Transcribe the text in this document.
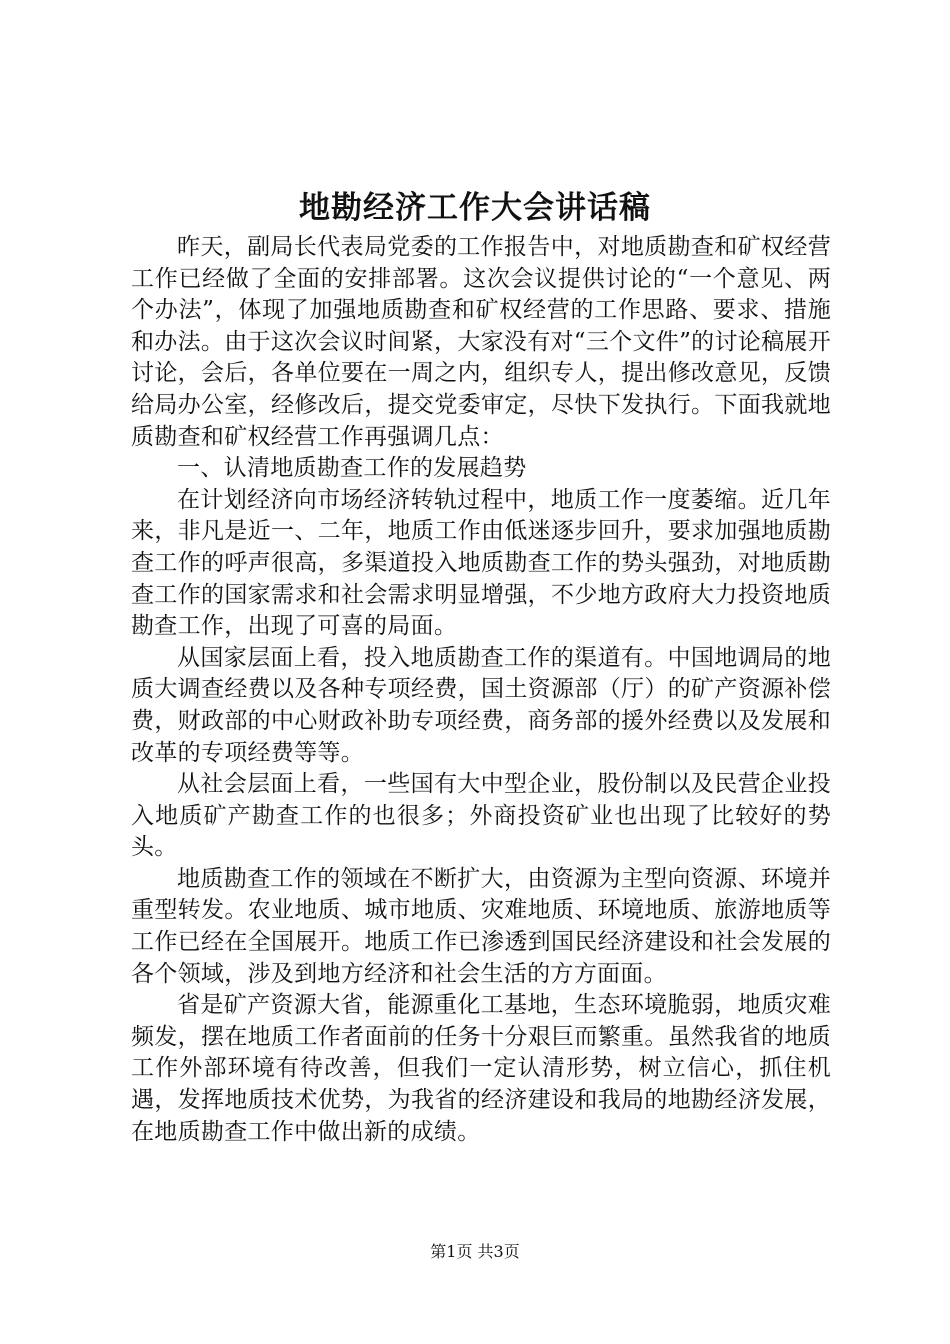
地勘经济工作大会讲话稿

昨天，副局长代表局党委的工作报告中，对地质勘查和矿权经营工作已经做了全面的安排部署。这次会议提供讨论的“一个意见、两个办法”，体现了加强地质勘查和矿权经营的工作思路、要求、措施和办法。由于这次会议时间紧，大家没有对“三个文件”的讨论稿展开讨论，会后，各单位要在一周之内，组织专人，提出修改意见，反馈给局办公室，经修改后，提交党委审定，尽快下发执行。下面我就地质勘查和矿权经营工作再强调几点：

一、认清地质勘查工作的发展趋势

在计划经济向市场经济转轨过程中，地质工作一度萎缩。近几年来，非凡是近一、二年，地质工作由低迷逐步回升，要求加强地质勘查工作的呼声很高，多渠道投入地质勘查工作的势头强劲，对地质勘查工作的国家需求和社会需求明显增强，不少地方政府大力投资地质勘查工作，出现了可喜的局面。

从国家层面上看，投入地质勘查工作的渠道有。中国地调局的地质大调查经费以及各种专项经费，国土资源部（厅）的矿产资源补偿费，财政部的中心财政补助专项经费，商务部的援外经费以及发展和改革的专项经费等等。

从社会层面上看，一些国有大中型企业，股份制以及民营企业投入地质矿产勘查工作的也很多；外商投资矿业也出现了比较好的势头。

地质勘查工作的领域在不断扩大，由资源为主型向资源、环境并重型转发。农业地质、城市地质、灾难地质、环境地质、旅游地质等工作已经在全国展开。地质工作已渗透到国民经济建设和社会发展的各个领域，涉及到地方经济和社会生活的方方面面。

省是矿产资源大省，能源重化工基地，生态环境脆弱，地质灾难频发，摆在地质工作者面前的任务十分艰巨而繁重。虽然我省的地质工作外部环境有待改善，但我们一定认清形势，树立信心，抓住机遇，发挥地质技术优势，为我省的经济建设和我局的地勘经济发展，在地质勘查工作中做出新的成绩。

第1页 共3页
